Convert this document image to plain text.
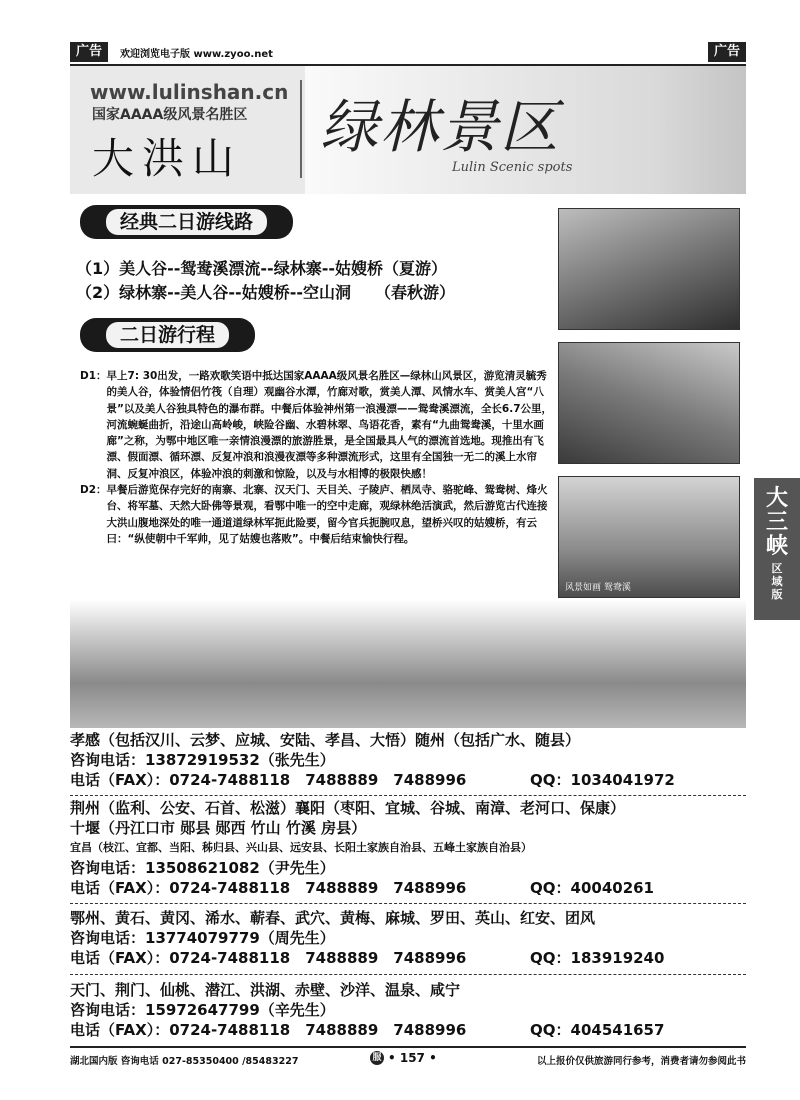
广告	欢迎浏览电子版 www.zyoo.net	广告
www.lulinshan.cn
国家AAAA级风景名胜区
大洪山 绿林景区
Lulin Scenic spots
经典二日游线路
（1）美人谷--鸳鸯溪漂流--绿林寨--姑嫂桥（夏游）
（2）绿林寨--美人谷--姑嫂桥--空山洞　　（春秋游）
二日游行程
D1： 早上7: 30出发，一路欢歌笑语中抵达国家AAAA级风景名胜区—绿林山风景区，游览清灵毓秀的美人谷，体验情侣竹筏（自理）观幽谷水潭，竹廊对歌，赏美人潭、风情水车、赏美人宫“八景”以及美人谷独具特色的瀑布群。中餐后体验神州第一浪漫漂——鸳鸯溪漂流，全长6.7公里，河流蜿蜒曲折，沿途山高岭峻，峡险谷幽、水碧林翠、鸟语花香，素有“九曲鸳鸯溪，十里水画廊”之称，为鄂中地区唯一亲情浪漫漂的旅游胜景，是全国最具人气的漂流首选地。现推出有飞漂、假面漂、循环漂、反复冲浪和浪漫夜漂等多种漂流形式，这里有全国独一无二的溪上水帘洞、反复冲浪区，体验冲浪的刺激和惊险，以及与水相博的极限快感！
D2： 早餐后游览保存完好的南寨、北寨、汉天门、天目关、子陵庐、栖凤寺、骆驼峰、鸳鸯树、烽火台、将军墓、天然大卧佛等景观，看鄂中唯一的空中走廊，观绿林绝活演武，然后游览古代连接大洪山腹地深处的唯一通道道绿林军扼此险要，留今官兵扼腕叹息，望桥兴叹的姑嫂桥，有云曰：“纵使朝中千军帅，见了姑嫂也落败”。中餐后结束愉快行程。
风景如画 鸳鸯溪
大三峡
区域版
孝感（包括汉川、云梦、应城、安陆、孝昌、大悟）随州（包括广水、随县）
咨询电话：13872919532（张先生）
电话（FAX）：0724-7488118　7488889　7488996	QQ：1034041972
荆州（监利、公安、石首、松滋）襄阳（枣阳、宜城、谷城、南漳、老河口、保康）
十堰（丹江口市 郧县 郧西 竹山 竹溪 房县）
宜昌（枝江、宜都、当阳、秭归县、兴山县、远安县、长阳土家族自治县、五峰土家族自治县）
咨询电话：13508621082（尹先生）
电话（FAX）：0724-7488118　7488889　7488996	QQ：40040261
鄂州、黄石、黄冈、浠水、蕲春、武穴、黄梅、麻城、罗田、英山、红安、团风
咨询电话：13774079779（周先生）
电话（FAX）：0724-7488118　7488889　7488996	QQ：183919240
天门、荆门、仙桃、潜江、洪湖、赤壁、沙洋、温泉、咸宁
咨询电话：15972647799（辛先生）
电话（FAX）：0724-7488118　7488889　7488996	QQ：404541657
湖北国内版 咨询电话 027-85350400 /85483227	服 • 157 •	以上报价仅供旅游同行参考，消费者请勿参阅此书
